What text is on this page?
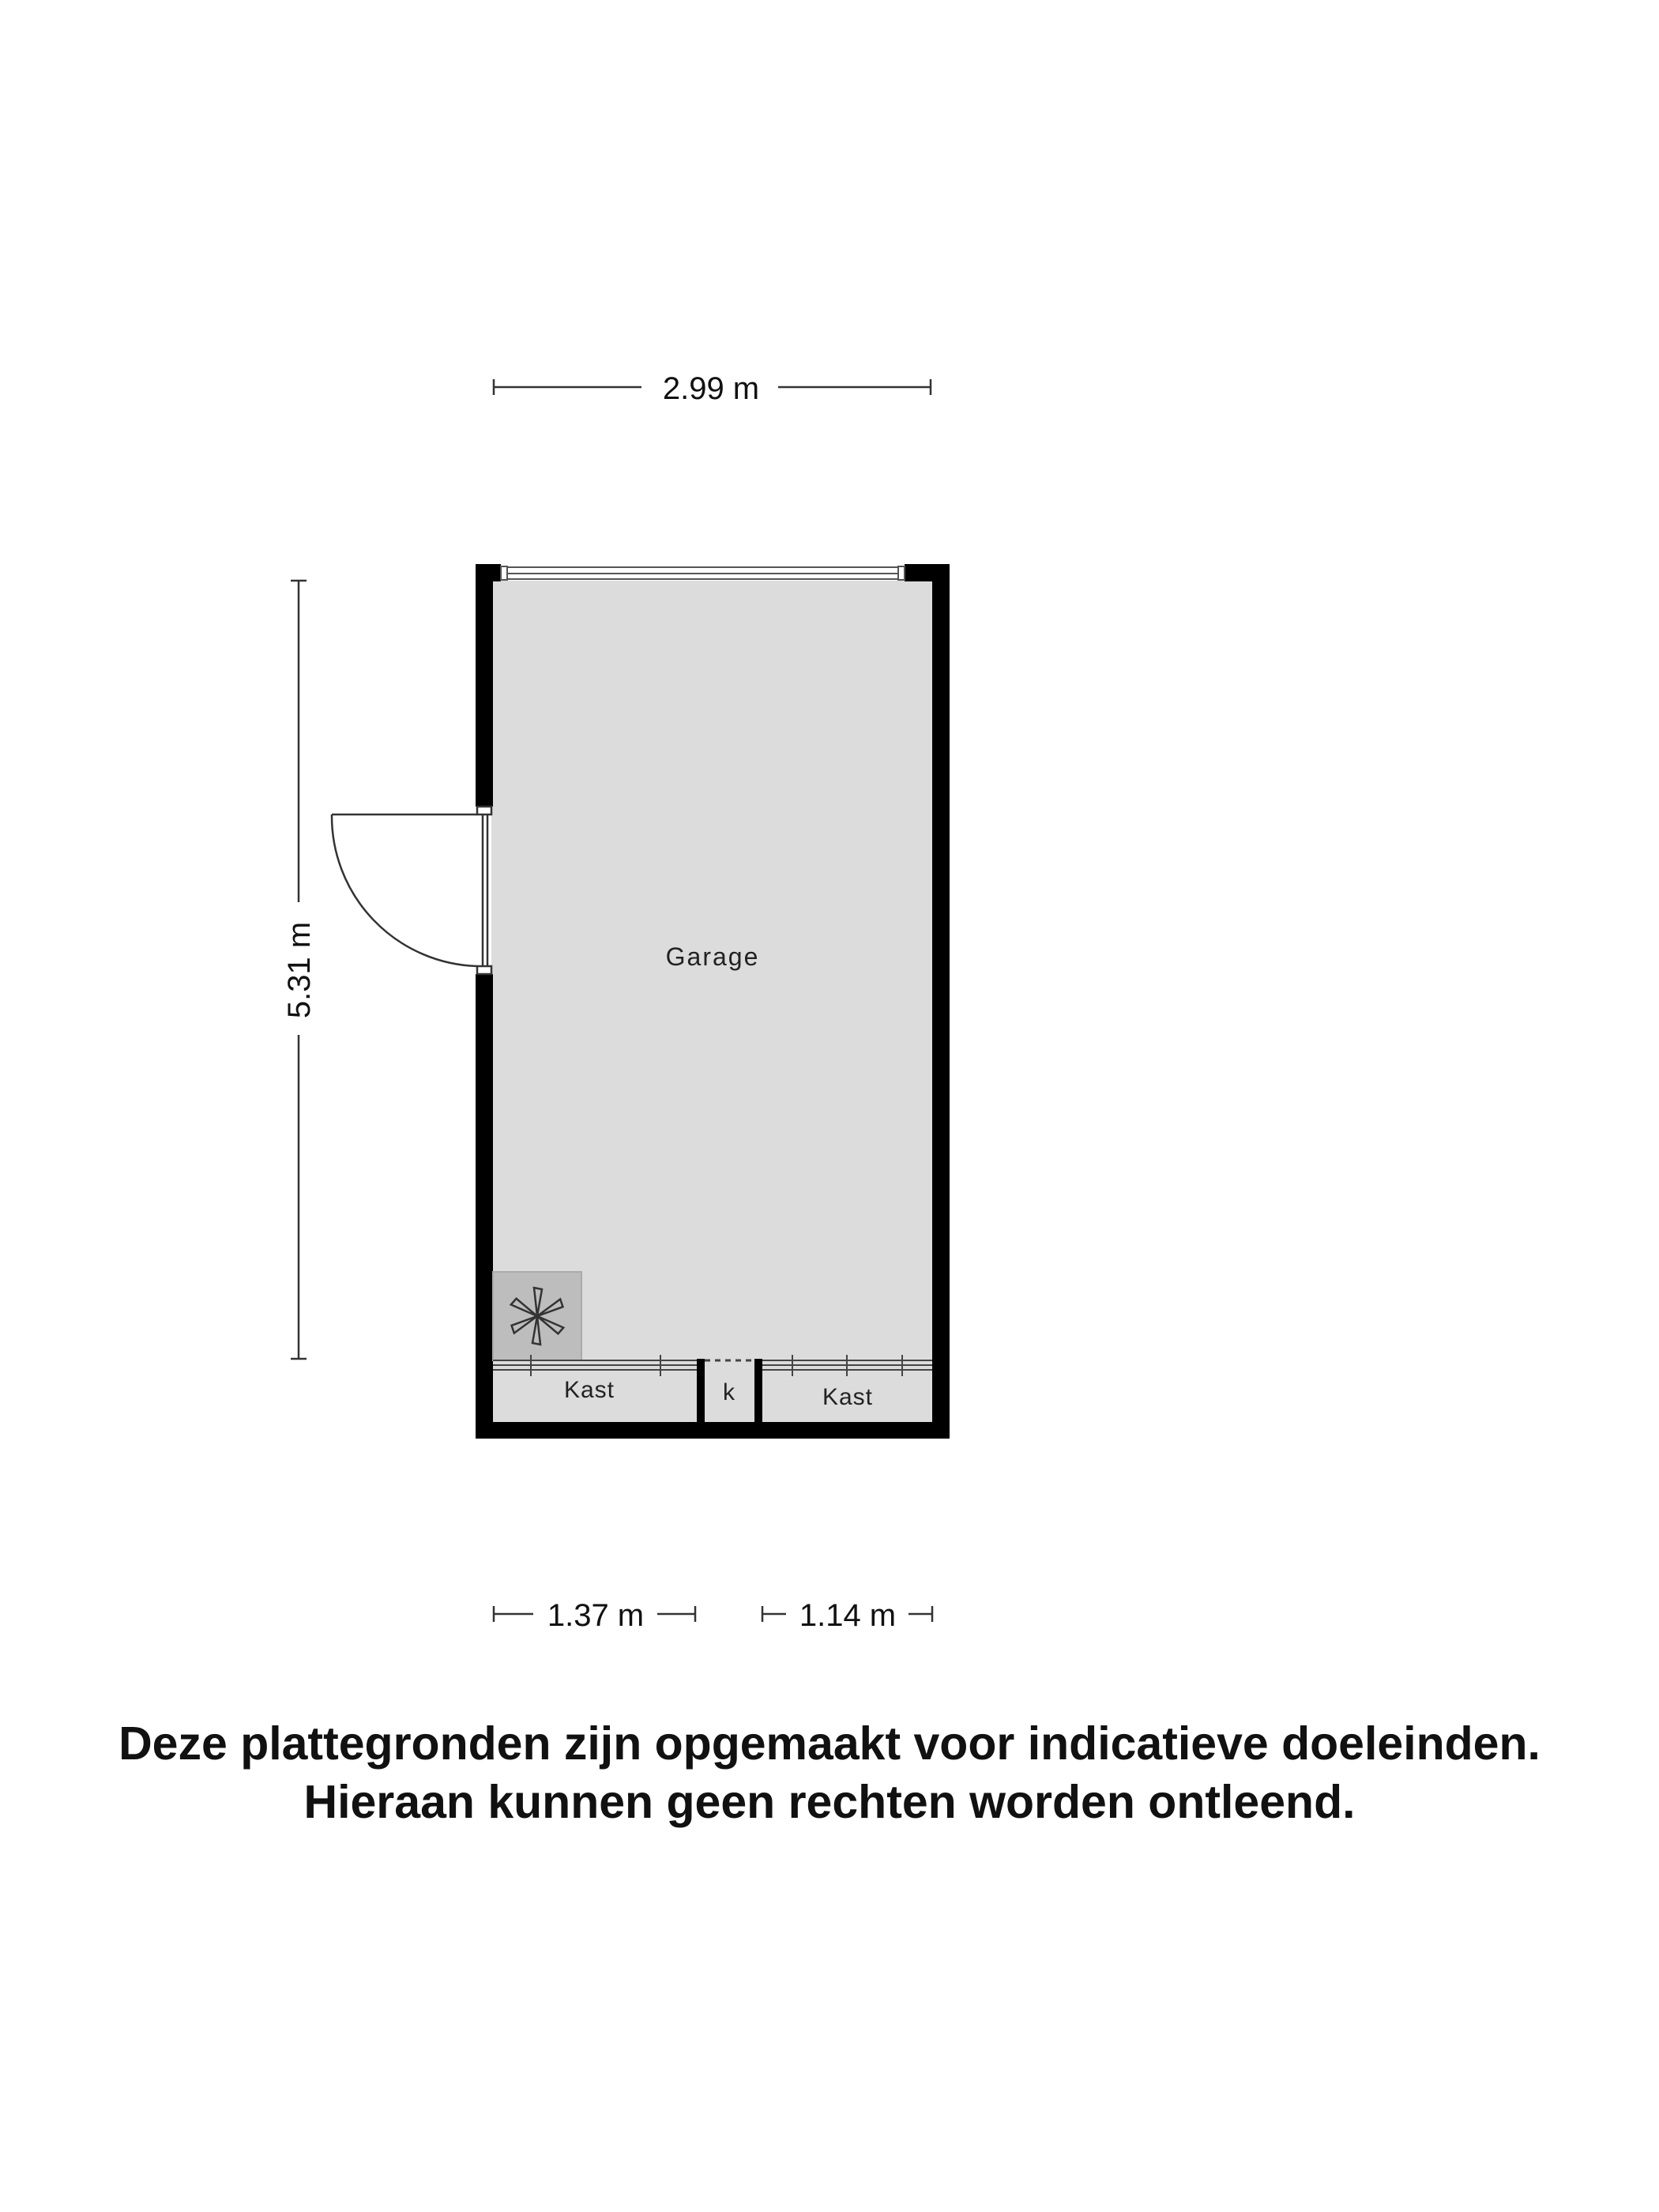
2.99 m
5.31 m	Garage
Kast	k	Kast
1.37 m	1.14 m
Deze plattegronden zijn opgemaakt voor indicatieve doeleinden.
Hieraan kunnen geen rechten worden ontleend.
